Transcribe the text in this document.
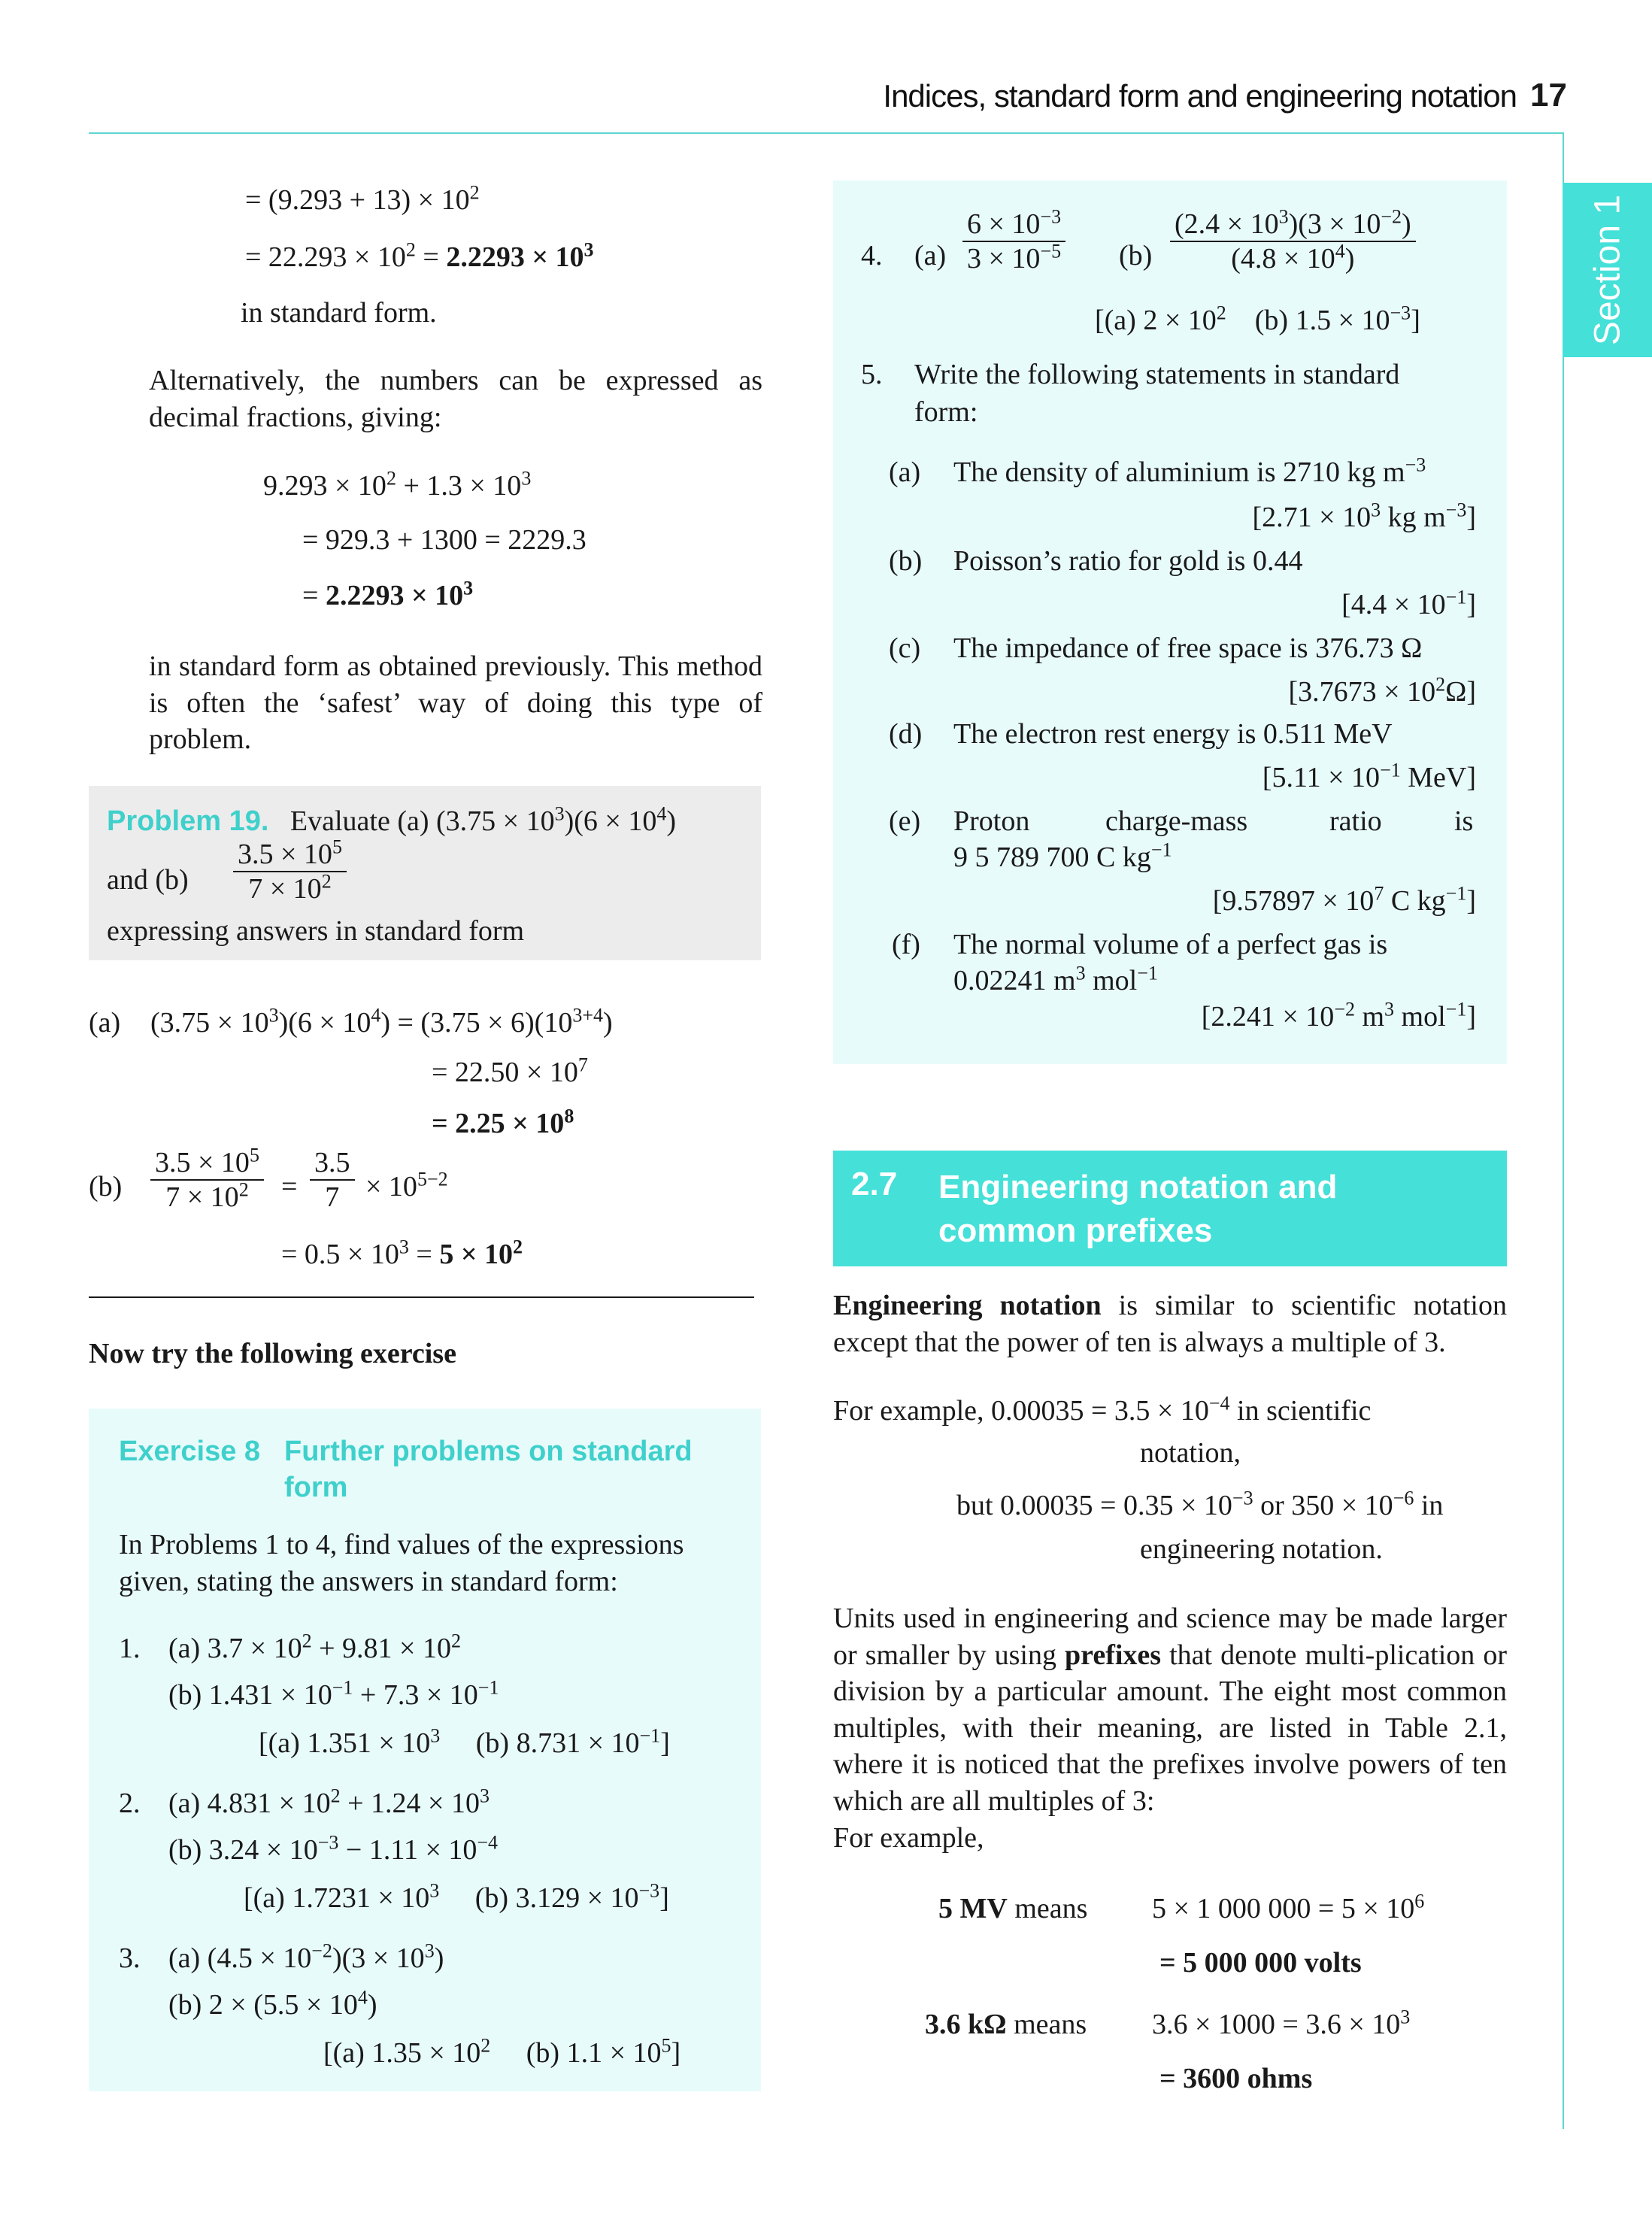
Indices, standard form and engineering notation 17
Section 1
= $(9.293 + 13) \times 10^2$
= $22.293 \times 10^2 = 2.2293 \times 10^3$
in standard form.
Alternatively, the numbers can be expressed as decimal fractions, giving:
$9.293 \times 10^2 + 1.3 \times 10^3$
= 929.3 + 1300 = 2229.3
= $2.2293 \times 10^3$
in standard form as obtained previously. This method is often the ‘safest’ way of doing this type of problem.
Problem 19. Evaluate (a) $(3.75 \times 10^3)(6 \times 10^4)$
and $(b) \frac{3.5 \times 10^5}{7 \times 10^2}$
expressing answers in standard form
(a) $(3.75 \times 10^3)(6 \times 10^4) = (3.75 \times 6)(10^{3+4})$
= $22.50 \times 10^7$
= $2.25 \times 10^8$
$(b) \frac{3.5 \times 10^5}{7 \times 10^2} = \frac{3.5}{7} \times 10^{5-2}$
= $0.5 \times 10^3 = 5 \times 10^2$
Now try the following exercise
Exercise 8 Further problems on standard
form
In Problems 1 to 4, find values of the expressions given, stating the answers in standard form:
1. (a) $3.7 \times 10^2 + 9.81 \times 10^2$
(b) $1.431 \times 10^{-1} + 7.3 \times 10^{-1}$
[(a) $1.351 \times 10^3$ (b) $8.731 \times 10^{-1}$]
2. (a) $4.831 \times 10^2 + 1.24 \times 10^3$
(b) $3.24 \times 10^{-3} - 1.11 \times 10^{-4}$
[(a) $1.7231 \times 10^3$ (b) $3.129 \times 10^{-3}$]
3. (a) $(4.5 \times 10^{-2})(3 \times 10^3)$
(b) $2 \times (5.5 \times 10^4)$
[(a) $1.35 \times 10^2$ (b) $1.1 \times 10^5$]
4. $(a) \frac{6 \times 10^{-3}}{3 \times 10^{-5}} (b) \frac{(2.4 \times 10^3)(3 \times 10^{-2})}{(4.8 \times 10^4)}$
[(a) $2 \times 10^2$ (b) $1.5 \times 10^{-3}$]
5. Write the following statements in standard
form:
(a) The density of aluminium is 2710 kg $m^{-3}$
[$2.71 \times 10^3$ kg $m^{-3}$]
(b) Poisson’s ratio for gold is 0.44
$[4.4 \times 10^{-1}]$
(c) The impedance of free space is 376.73 Ω
$[3.7673 \times 10^2\Omega]$
(d) The electron rest energy is 0.511 MeV
[$5.11 \times 10^{-1}$ MeV]
(e) Proton	charge-mass	ratio	is
9 5 789 700 C $kg^{-1}$
[$9.57897 \times 10^7$ C $kg^{-1}$]
(f) The normal volume of a perfect gas is
0.02241 $m^3$ mol$^{-1}$
[$2.241 \times 10^{-2}$ $m^3$ mol$^{-1}$]
2.7 Engineering notation and
common prefixes
Engineering notation is similar to scientific notation except that the power of ten is always a multiple of 3.
For example, $0.00035 = 3.5 \times 10^{-4}$ in scientific
notation,
but $0.00035 = 0.35 \times 10^{-3}$ or $350 \times 10^{-6}$ in
engineering notation.
Units used in engineering and science may be made larger or smaller by using prefixes that denote multi-plication or division by a particular amount. The eight most common multiples, with their meaning, are listed in Table 2.1, where it is noticed that the prefixes involve powers of ten which are all multiples of 3:
For example,
5 MV means 5 × 1 000 $000 = 5 \times 10^6$
= 5 000 000 volts
3.6 kΩ means $3.6 \times 1000 = 3.6 \times 10^3$
= 3600 ohms
